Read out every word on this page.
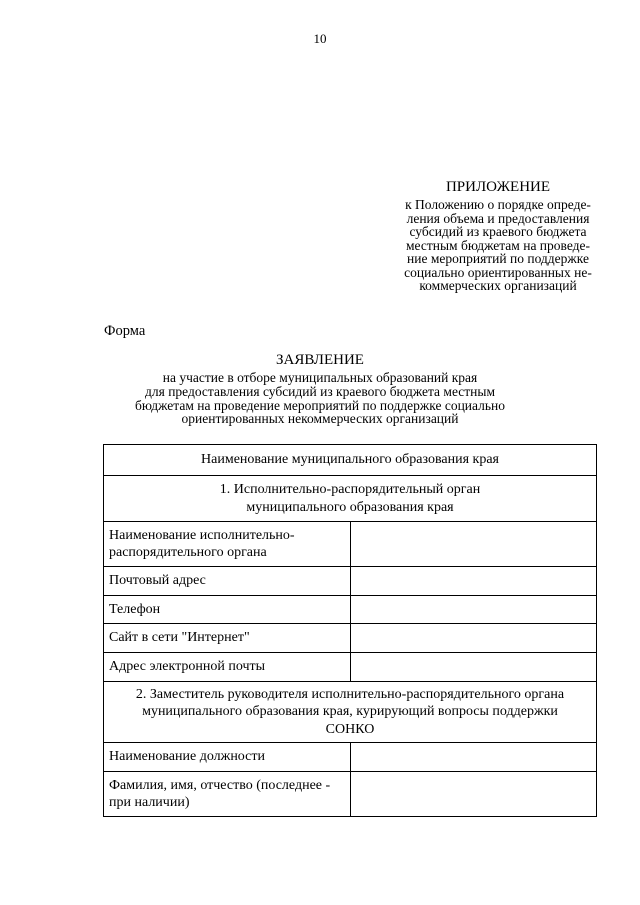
10
ПРИЛОЖЕНИЕ
к Положению о порядке опреде-
ления объема и предоставления
субсидий из краевого бюджета
местным бюджетам на проведе-
ние мероприятий по поддержке
социально ориентированных не-
коммерческих организаций
Форма
ЗАЯВЛЕНИЕ
на участие в отборе муниципальных образований края
для предоставления субсидий из краевого бюджета местным
бюджетам на проведение мероприятий по поддержке социально
ориентированных некоммерческих организаций
Наименование муниципального образования края	

1. Исполнительно-распорядительный орган
муниципального образования края	

Наименование исполнительно-
распорядительного органа	

Почтовый адрес	
Телефон	
Сайт в сети "Интернет"	
Адрес электронной почты	

2. Заместитель руководителя исполнительно-распорядительного органа
муниципального образования края, курирующий вопросы поддержки
СОНКО	

Наименование должности	

Фамилия, имя, отчество (последнее -
при наличии)	
